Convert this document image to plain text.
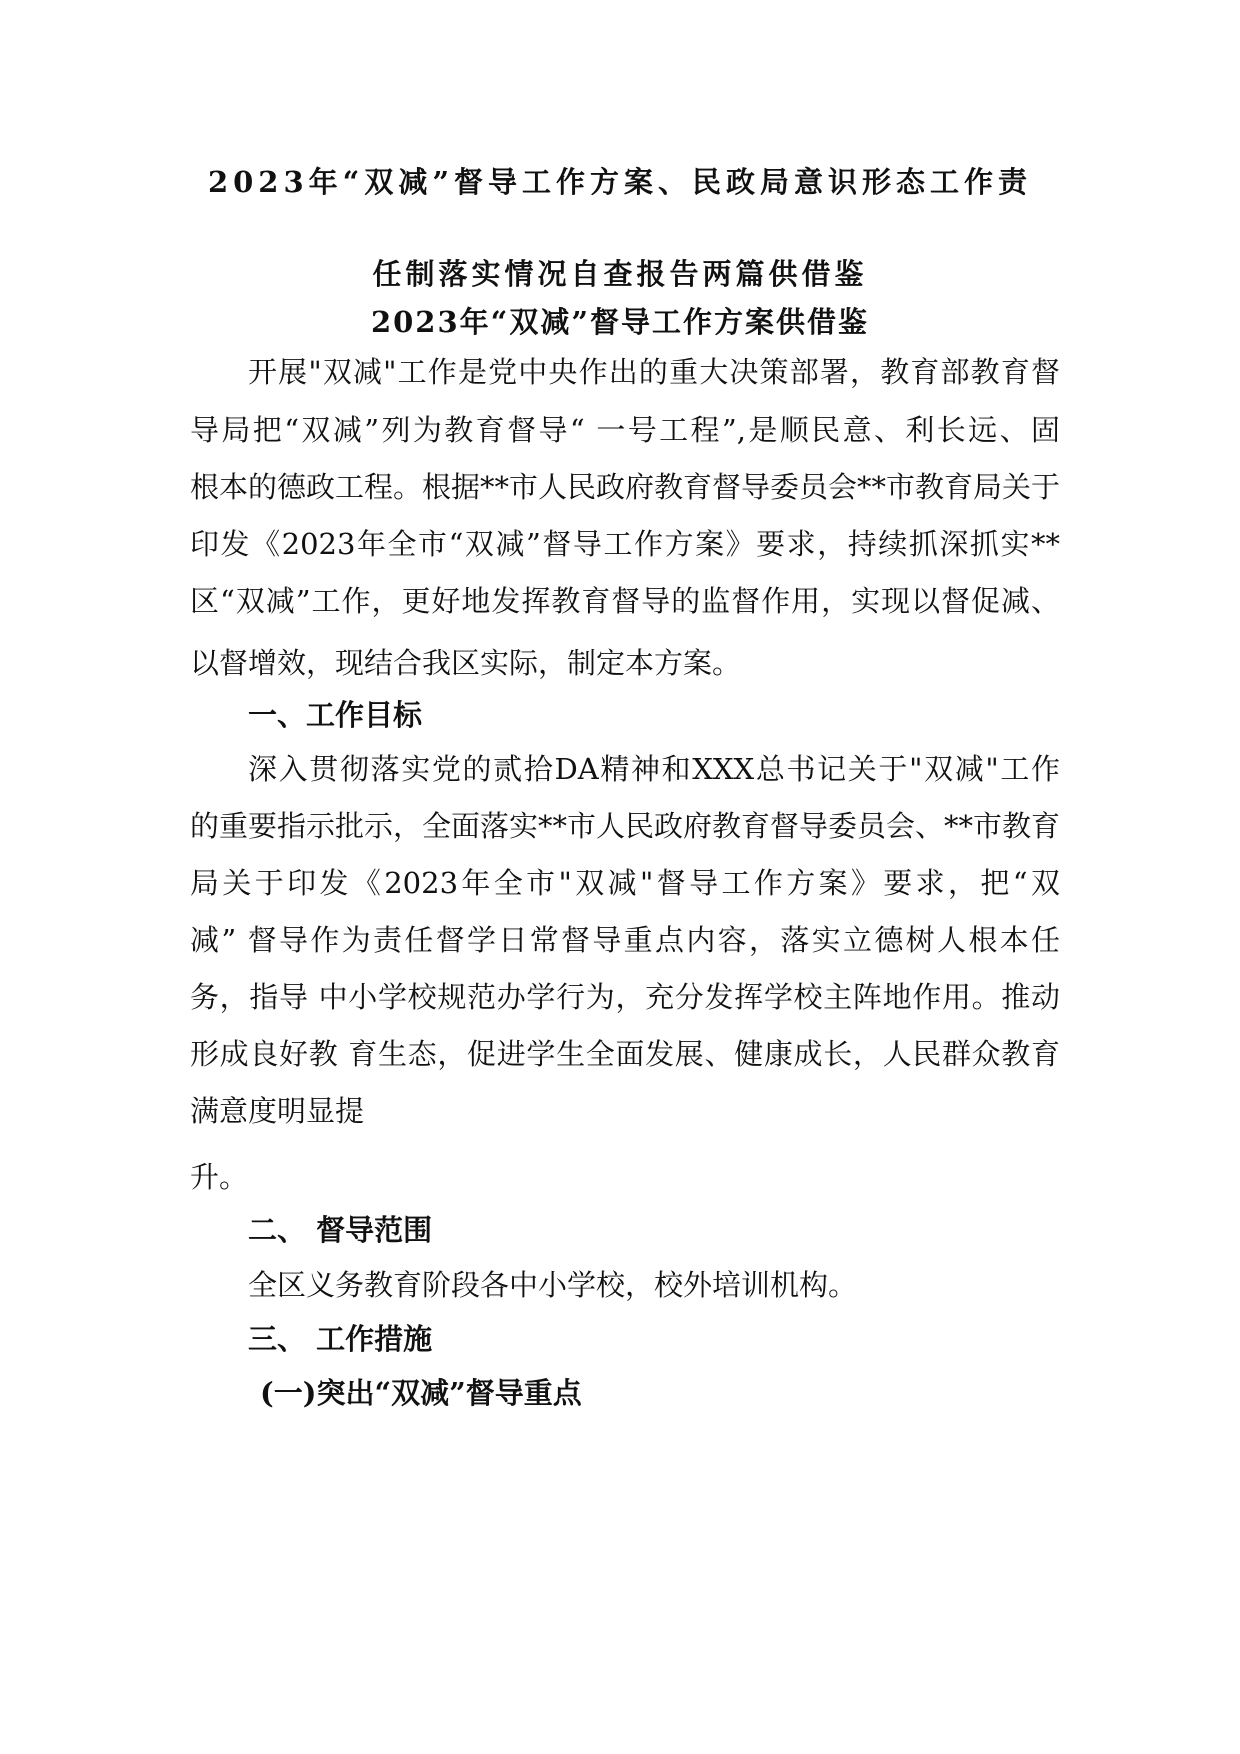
2023年“双减”督导工作方案、民政局意识形态工作责
任制落实情况自查报告两篇供借鉴
2023年“双减”督导工作方案供借鉴
开展"双减"工作是党中央作出的重大决策部署，教育部教育督
导局把“双减”列为教育督导“ 一号工程”,是顺民意、利长远、固
根本的德政工程。根据**市人民政府教育督导委员会**市教育局关于
印发《2023年全市“双减”督导工作方案》要求，持续抓深抓实**
区“双减”工作，更好地发挥教育督导的监督作用，实现以督促减、
以督增效，现结合我区实际，制定本方案。
一、工作目标
深入贯彻落实党的贰拾DA精神和XXX总书记关于"双减"工作
的重要指示批示，全面落实**市人民政府教育督导委员会、**市教育
局关于印发《2023年全市"双减"督导工作方案》要求，把“双
减” 督导作为责任督学日常督导重点内容，落实立德树人根本任
务，指导 中小学校规范办学行为，充分发挥学校主阵地作用。推动
形成良好教 育生态，促进学生全面发展、健康成长，人民群众教育
满意度明显提
升。
二、 督导范围
全区义务教育阶段各中小学校，校外培训机构。
三、 工作措施
(一)突出“双减”督导重点
